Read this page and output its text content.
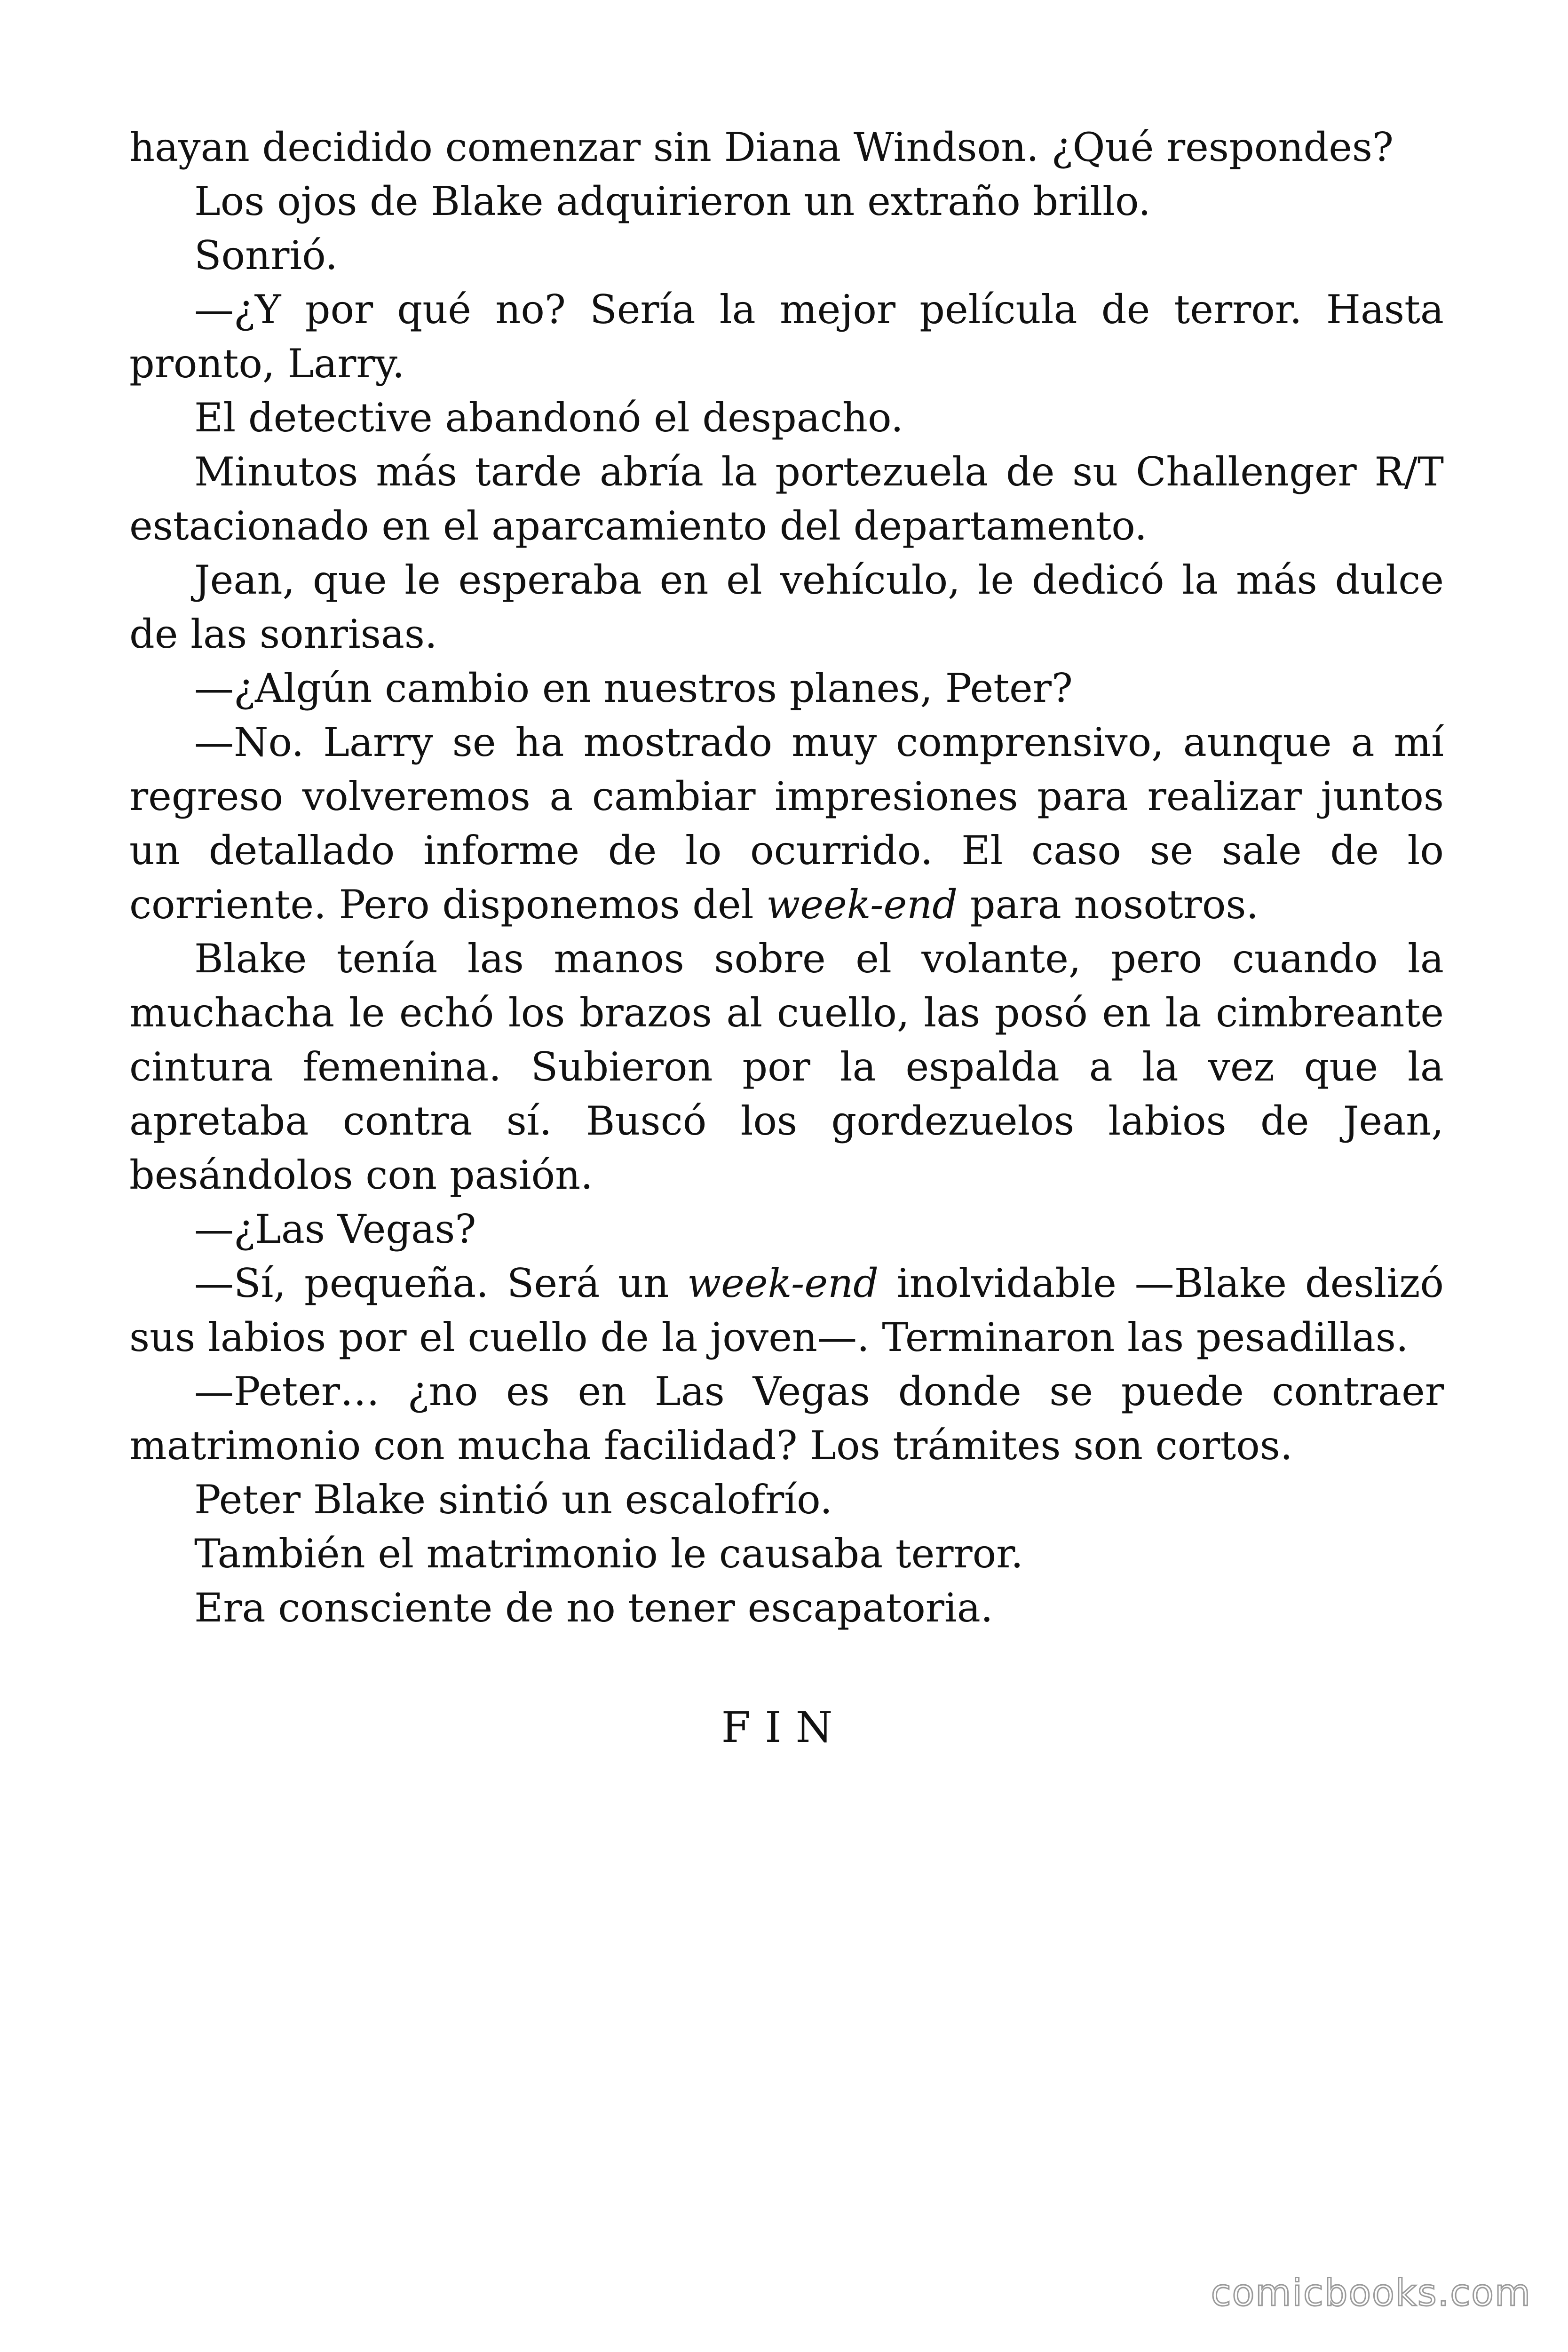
hayan decidido comenzar sin Diana Windson. ¿Qué respondes?

Los ojos de Blake adquirieron un extraño brillo.

Sonrió.

—¿Y por qué no? Sería la mejor película de terror. Hasta pronto, Larry.

El detective abandonó el despacho.

Minutos más tarde abría la portezuela de su Challenger R/T estacionado en el aparcamiento del departamento.

Jean, que le esperaba en el vehículo, le dedicó la más dulce de las sonrisas.

—¿Algún cambio en nuestros planes, Peter?

—No. Larry se ha mostrado muy comprensivo, aunque a mí regreso volveremos a cambiar impresiones para realizar juntos un detallado informe de lo ocurrido. El caso se sale de lo corriente. Pero disponemos del week-end para nosotros.

Blake tenía las manos sobre el volante, pero cuando la muchacha le echó los brazos al cuello, las posó en la cimbreante cintura femenina. Subieron por la espalda a la vez que la apretaba contra sí. Buscó los gordezuelos labios de Jean, besándolos con pasión.

—¿Las Vegas?

—Sí, pequeña. Será un week-end inolvidable —Blake deslizó sus labios por el cuello de la joven—. Terminaron las pesadillas.

—Peter… ¿no es en Las Vegas donde se puede contraer matrimonio con mucha facilidad? Los trámites son cortos.

Peter Blake sintió un escalofrío.

También el matrimonio le causaba terror.

Era consciente de no tener escapatoria.

FIN
comicbooks.com
